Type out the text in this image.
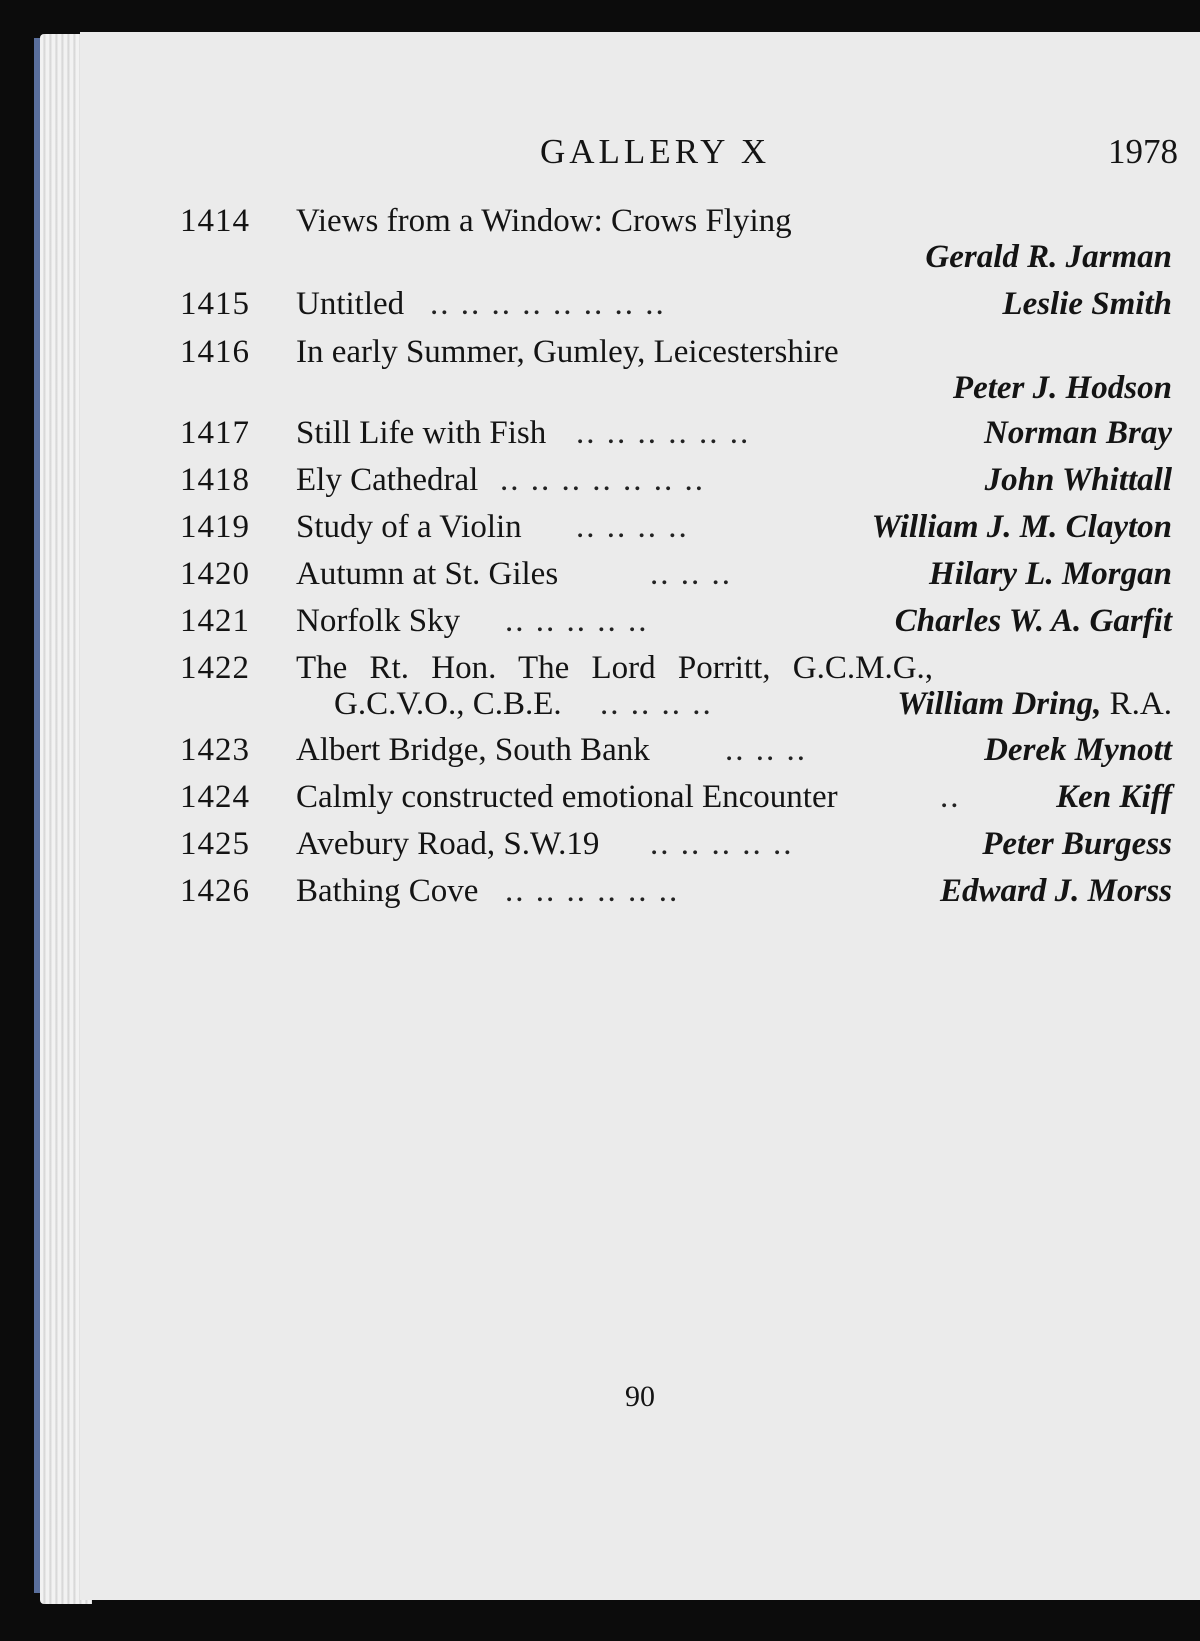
GALLERY X	1978
1414 Views from a Window: Crows Flying
Gerald R. Jarman
1415 Untitled .. .. .. .. .. .. .. ..	Leslie Smith
1416 In early Summer, Gumley, Leicestershire
Peter J. Hodson
1417 Still Life with Fish .. .. .. .. .. ..	Norman Bray
1418 Ely Cathedral .. .. .. .. .. .. ..	John Whittall
1419 Study of a Violin .. .. .. ..	William J. M. Clayton
1420 Autumn at St. Giles	.. .. ..	Hilary L. Morgan
1421 Norfolk Sky .. .. .. .. ..	Charles W. A. Garfit
1422 The Rt. Hon. The Lord Porritt, G.C.M.G.,
G.C.V.O., C.B.E. .. .. .. ..	William Dring, R.A.
1423 Albert Bridge, South Bank .. .. ..	Derek Mynott
1424 Calmly constructed emotional Encounter	..	Ken Kiff
1425 Avebury Road, S.W.19 .. .. .. .. ..	Peter Burgess
1426 Bathing Cove .. .. .. .. .. ..	Edward J. Morss
90
